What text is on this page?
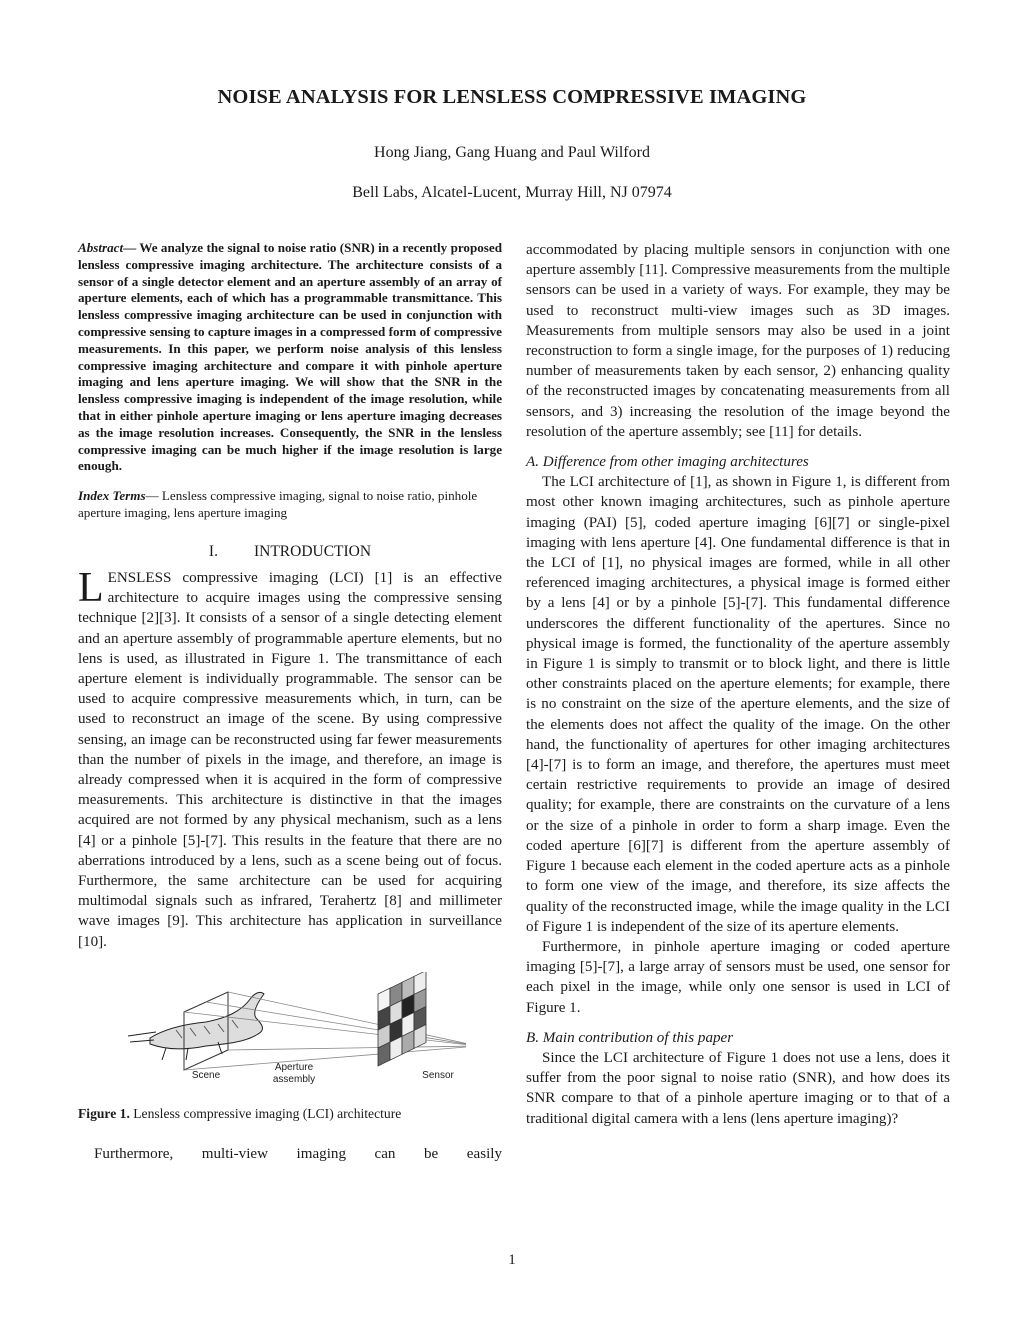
NOISE ANALYSIS FOR LENSLESS COMPRESSIVE IMAGING
Hong Jiang, Gang Huang and Paul Wilford
Bell Labs, Alcatel-Lucent, Murray Hill, NJ 07974

Abstract— We analyze the signal to noise ratio (SNR) in a recently proposed lensless compressive imaging architecture. The architecture consists of a sensor of a single detector element and an aperture assembly of an array of aperture elements, each of which has a programmable transmittance. This lensless compressive imaging architecture can be used in conjunction with compressive sensing to capture images in a compressed form of compressive measurements. In this paper, we perform noise analysis of this lensless compressive imaging architecture and compare it with pinhole aperture imaging and lens aperture imaging. We will show that the SNR in the lensless compressive imaging is independent of the image resolution, while that in either pinhole aperture imaging or lens aperture imaging decreases as the image resolution increases. Consequently, the SNR in the lensless compressive imaging can be much higher if the image resolution is large enough.

Index Terms— Lensless compressive imaging, signal to noise ratio, pinhole aperture imaging, lens aperture imaging

I. INTRODUCTION

LENSLESS compressive imaging (LCI) [1] is an effective architecture to acquire images using the compressive sensing technique [2][3]. It consists of a sensor of a single detecting element and an aperture assembly of programmable aperture elements, but no lens is used, as illustrated in Figure 1. The transmittance of each aperture element is individually programmable. The sensor can be used to acquire compressive measurements which, in turn, can be used to reconstruct an image of the scene. By using compressive sensing, an image can be reconstructed using far fewer measurements than the number of pixels in the image, and therefore, an image is already compressed when it is acquired in the form of compressive measurements. This architecture is distinctive in that the images acquired are not formed by any physical mechanism, such as a lens [4] or a pinhole [5]-[7]. This results in the feature that there are no aberrations introduced by a lens, such as a scene being out of focus. Furthermore, the same architecture can be used for acquiring multimodal signals such as infrared, Terahertz [8] and millimeter wave images [9]. This architecture has application in surveillance [10].

Scene
Aperture
assembly	Sensor
Figure 1. Lensless compressive imaging (LCI) architecture

Furthermore, multi-view imaging can be easily

accommodated by placing multiple sensors in conjunction with one aperture assembly [11]. Compressive measurements from the multiple sensors can be used in a variety of ways. For example, they may be used to reconstruct multi-view images such as 3D images. Measurements from multiple sensors may also be used in a joint reconstruction to form a single image, for the purposes of 1) reducing number of measurements taken by each sensor, 2) enhancing quality of the reconstructed images by concatenating measurements from all sensors, and 3) increasing the resolution of the image beyond the resolution of the aperture assembly; see [11] for details.

A. Difference from other imaging architectures

The LCI architecture of [1], as shown in Figure 1, is different from most other known imaging architectures, such as pinhole aperture imaging (PAI) [5], coded aperture imaging [6][7] or single-pixel imaging with lens aperture [4]. One fundamental difference is that in the LCI of [1], no physical images are formed, while in all other referenced imaging architectures, a physical image is formed either by a lens [4] or by a pinhole [5]-[7]. This fundamental difference underscores the different functionality of the apertures. Since no physical image is formed, the functionality of the aperture assembly in Figure 1 is simply to transmit or to block light, and there is little other constraints placed on the aperture elements; for example, there is no constraint on the size of the aperture elements, and the size of the elements does not affect the quality of the image. On the other hand, the functionality of apertures for other imaging architectures [4]-[7] is to form an image, and therefore, the apertures must meet certain restrictive requirements to provide an image of desired quality; for example, there are constraints on the curvature of a lens or the size of a pinhole in order to form a sharp image. Even the coded aperture [6][7] is different from the aperture assembly of Figure 1 because each element in the coded aperture acts as a pinhole to form one view of the image, and therefore, its size affects the quality of the reconstructed image, while the image quality in the LCI of Figure 1 is independent of the size of its aperture elements.

Furthermore, in pinhole aperture imaging or coded aperture imaging [5]-[7], a large array of sensors must be used, one sensor for each pixel in the image, while only one sensor is used in LCI of Figure 1.

B. Main contribution of this paper

Since the LCI architecture of Figure 1 does not use a lens, does it suffer from the poor signal to noise ratio (SNR), and how does its SNR compare to that of a pinhole aperture imaging or to that of a traditional digital camera with a lens (lens aperture imaging)?

1
